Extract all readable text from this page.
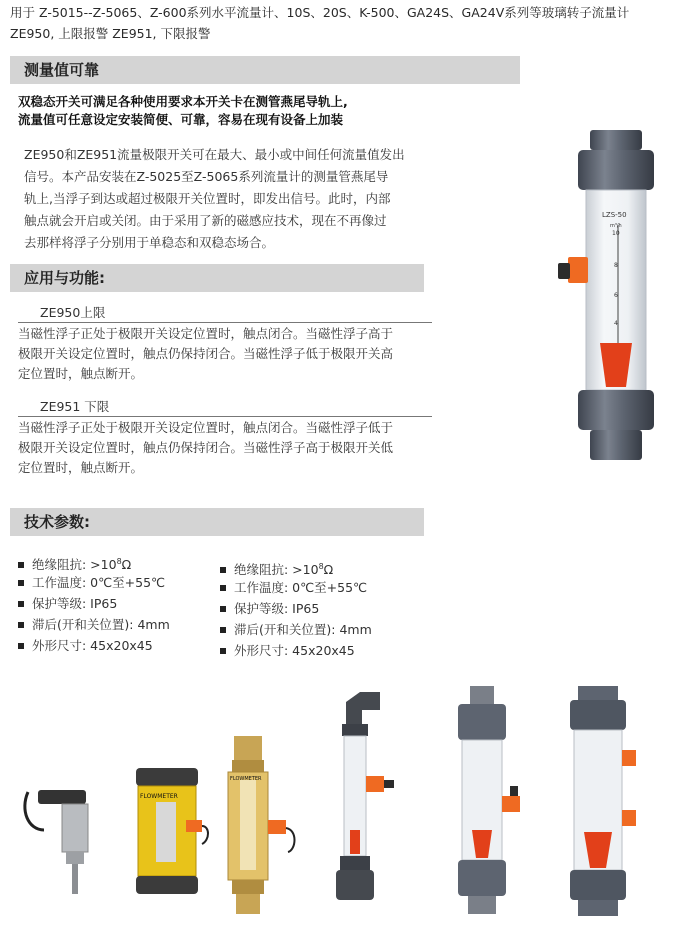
用于 Z-5015--Z-5065、Z-600系列水平流量计、10S、20S、K-500、GA24S、GA24V系列等玻璃转子流量计
ZE950, 上限报警 ZE951, 下限报警
测量值可靠
双稳态开关可满足各种使用要求本开关卡在测管燕尾导轨上,
流量值可任意设定安装简便、可靠，容易在现有设备上加装
ZE950和ZE951流量极限开关可在最大、最小或中间任何流量值发出
信号。本产品安装在Z-5025至Z-5065系列流量计的测量管燕尾导
轨上,当浮子到达或超过极限开关位置时，即发出信号。此时，内部
触点就会开启或关闭。由于采用了新的磁感应技术，现在不再像过
去那样将浮子分别用于单稳态和双稳态场合。
应用与功能:
ZE950上限
当磁性浮子正处于极限开关设定位置时，触点闭合。当磁性浮子高于
极限开关设定位置时，触点仍保持闭合。当磁性浮子低于极限开关高
定位置时，触点断开。
ZE951 下限
当磁性浮子正处于极限开关设定位置时，触点闭合。当磁性浮子低于
极限开关设定位置时，触点仍保持闭合。当磁性浮子高于极限开关低
定位置时，触点断开。
技术参数:
绝缘阻抗: $>10^8\Omega$
工作温度: 0℃至+55℃
保护等级: IP65
滞后(开和关位置): 4mm
外形尺寸: 45x20x45
绝缘阻抗: $>10^8\Omega$
工作温度: 0℃至+55℃
保护等级: IP65
滞后(开和关位置): 4mm
外形尺寸: 45x20x45
LZS-50
m³/h
10
8
6
4
FLOWMETER
FLOWMETER
